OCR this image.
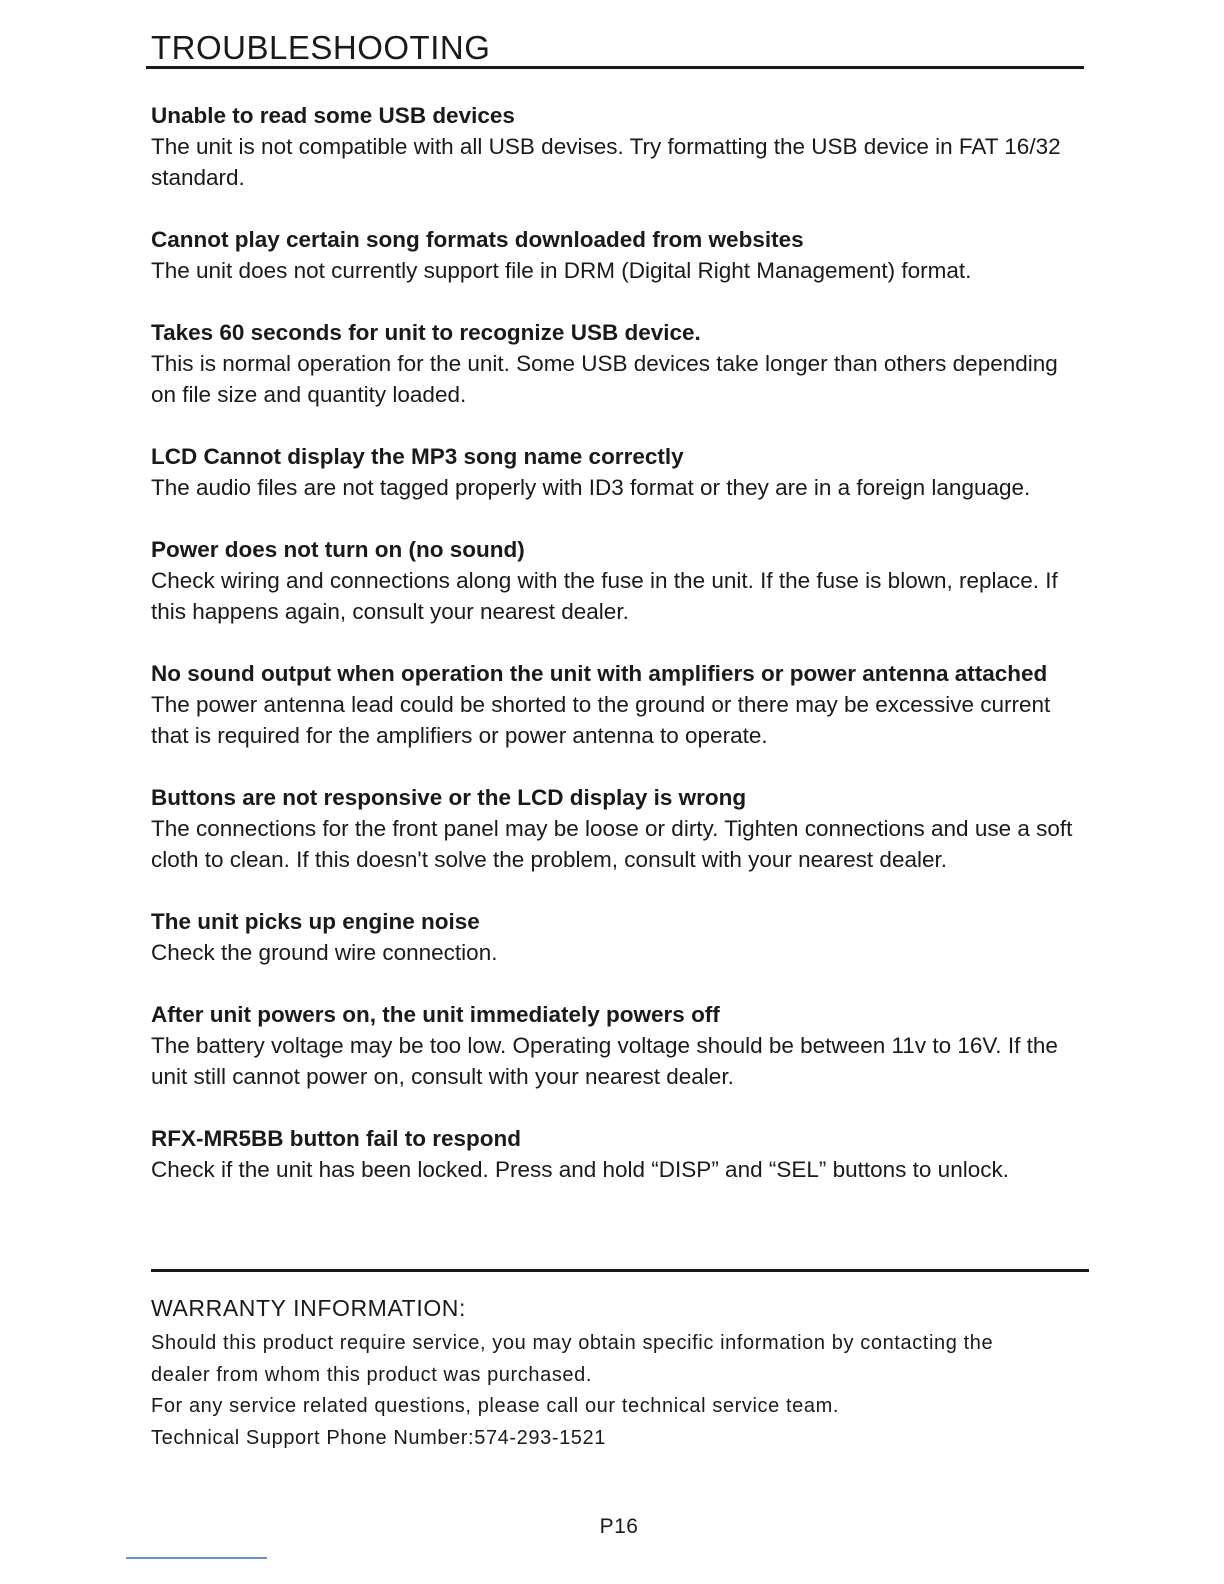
TROUBLESHOOTING

Unable to read some USB devices

The unit is not compatible with all USB devises. Try formatting the USB device in FAT 16/32 standard.

Cannot play certain song formats downloaded from websites

The unit does not currently support file in DRM (Digital Right Management) format.

Takes 60 seconds for unit to recognize USB device.

This is normal operation for the unit. Some USB devices take longer than others depending on file size and quantity loaded.

LCD Cannot display the MP3 song name correctly

The audio files are not tagged properly with ID3 format or they are in a foreign language.

Power does not turn on (no sound)

Check wiring and connections along with the fuse in the unit. If the fuse is blown, replace. If this happens again, consult your nearest dealer.

No sound output when operation the unit with amplifiers or power antenna attached

The power antenna lead could be shorted to the ground or there may be excessive current that is required for the amplifiers or power antenna to operate.

Buttons are not responsive or the LCD display is wrong

The connections for the front panel may be loose or dirty. Tighten connections and use a soft cloth to clean. If this doesn't solve the problem, consult with your nearest dealer.

The unit picks up engine noise

Check the ground wire connection.

After unit powers on, the unit immediately powers off

The battery voltage may be too low. Operating voltage should be between 11v to 16V. If the unit still cannot power on, consult with your nearest dealer.

RFX-MR5BB button fail to respond

Check if the unit has been locked. Press and hold “DISP” and “SEL” buttons to unlock.

WARRANTY INFORMATION:

Should this product require service, you may obtain specific information by contacting the

dealer from whom this product was purchased.

For any service related questions, please call our technical service team.

Technical Support Phone Number:574-293-1521

P16
